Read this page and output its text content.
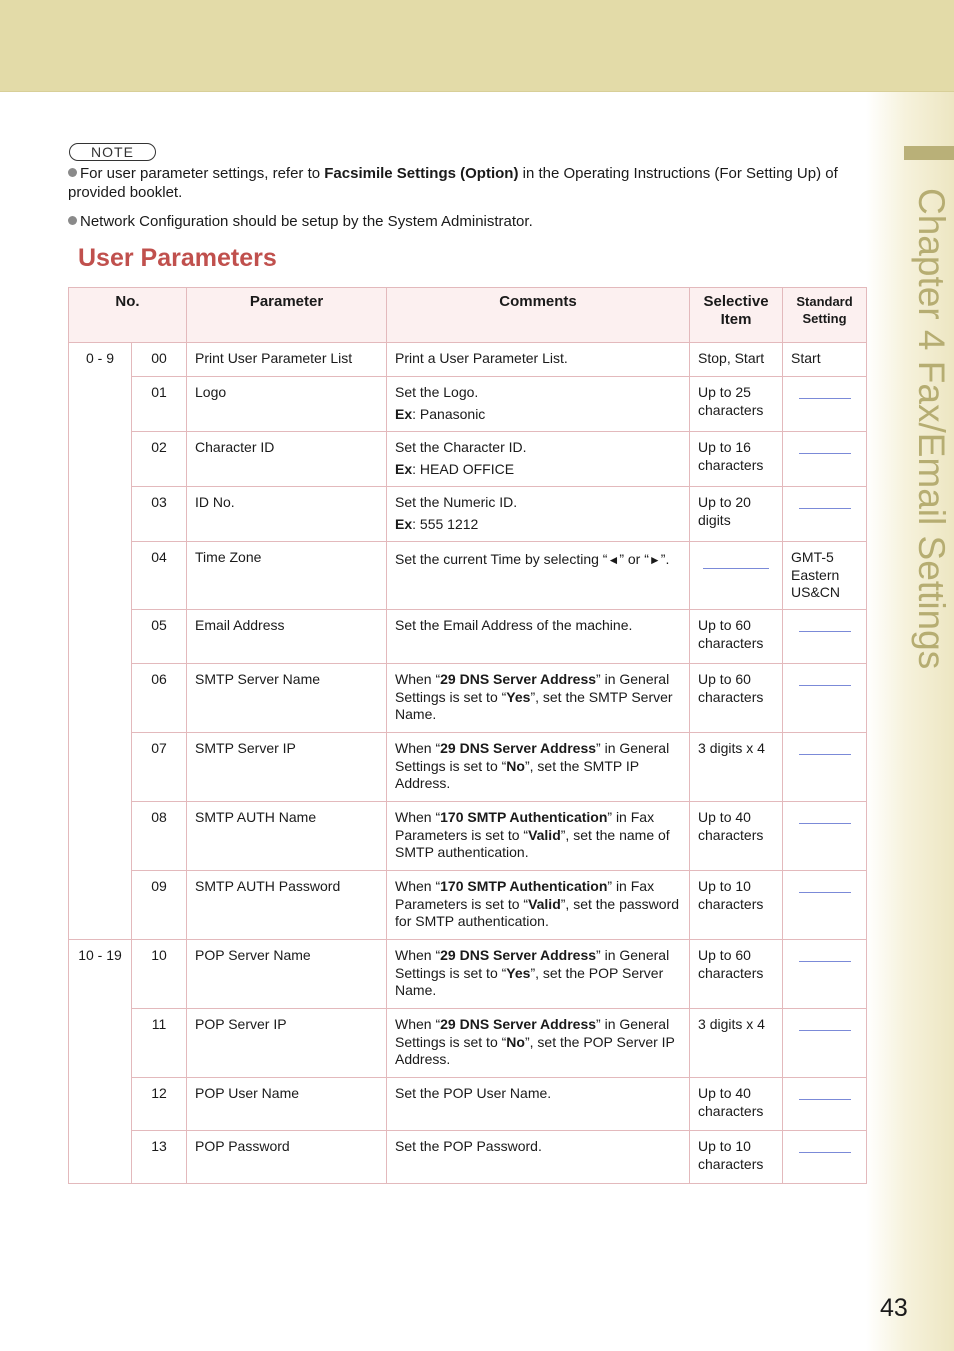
Chapter 4 Fax/Email Settings
NOTE
For user parameter settings, refer to Facsimile Settings (Option) in the Operating Instructions (For Setting Up) of provided booklet.
Network Configuration should be setup by the System Administrator.
User Parameters
No.		Parameter	Comments	Selective
Item	Standard
Setting
0 - 9	00	Print User Parameter List	Print a User Parameter List.	Stop, Start	Start
	01	Logo	Set the Logo.
Ex: Panasonic	Up to 25 characters	

	02	Character ID	Set the Character ID.
Ex: HEAD OFFICE	Up to 16 characters	

	03	ID No.	Set the Numeric ID.
Ex: 555 1212	Up to 20 digits	

	04	Time Zone	Set the current Time by selecting “◄” or “►”.		GMT-5
Eastern
US&CN

	05	Email Address	Set the Email Address of the machine.	Up to 60 characters	

	06	SMTP Server Name	When “29 DNS Server Address” in General Settings is set to “Yes”, set the SMTP Server Name.	Up to 60 characters	

	07	SMTP Server IP	When “29 DNS Server Address” in General Settings is set to “No”, set the SMTP IP Address.	3 digits x 4	

	08	SMTP AUTH Name	When “170 SMTP Authentication” in Fax Parameters is set to “Valid”, set the name of SMTP authentication.	Up to 40 characters	

	09	SMTP AUTH Password	When “170 SMTP Authentication” in Fax Parameters is set to “Valid”, set the password for SMTP authentication.	Up to 10 characters	

10 - 19	10	POP Server Name	When “29 DNS Server Address” in General Settings is set to “Yes”, set the POP Server Name.	Up to 60 characters	

	11	POP Server IP	When “29 DNS Server Address” in General Settings is set to “No”, set the POP Server IP Address.	3 digits x 4	

	12	POP User Name	Set the POP User Name.	Up to 40 characters	

	13	POP Password	Set the POP Password.	Up to 10 characters	
43
